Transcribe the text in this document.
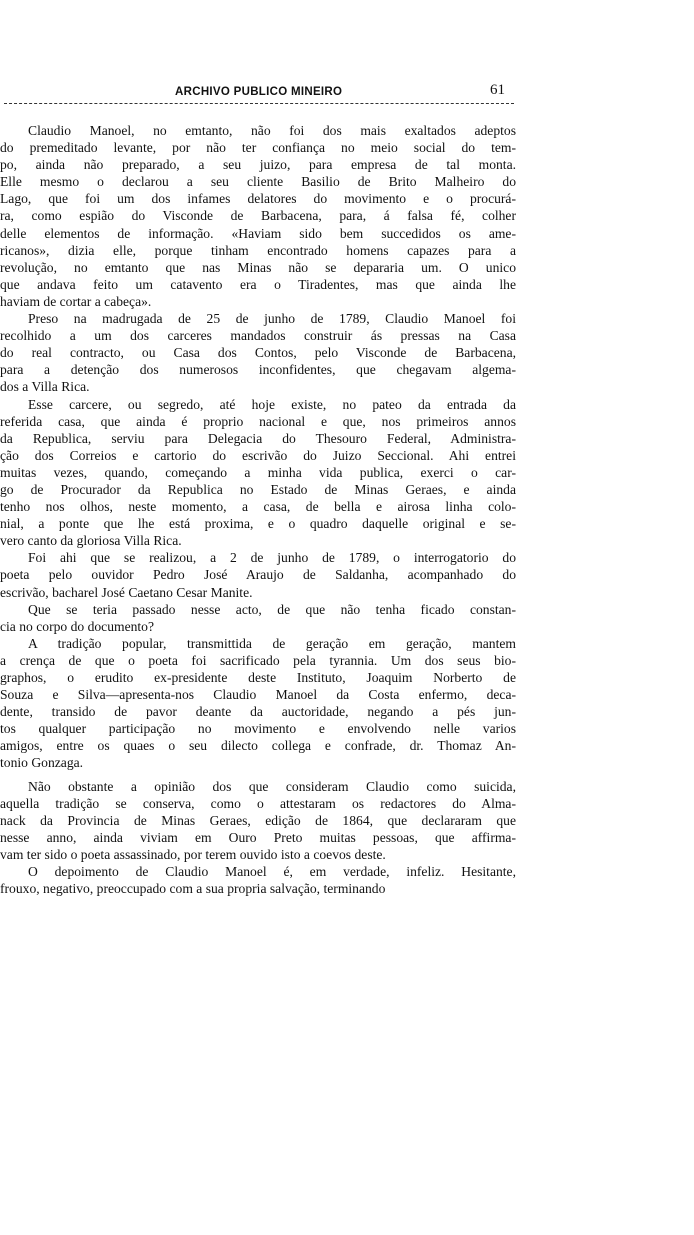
ARCHIVO PUBLICO MINEIRO	61

Claudio Manoel, no emtanto, não foi dos mais exaltados adeptos
do premeditado levante, por não ter confiança no meio social do tem-
po, ainda não preparado, a seu juizo, para empresa de tal monta.
Elle mesmo o declarou a seu cliente Basilio de Brito Malheiro do
Lago, que foi um dos infames delatores do movimento e o procurá-
ra, como espião do Visconde de Barbacena, para, á falsa fé, colher
delle elementos de informação. «Haviam sido bem succedidos os ame-
ricanos», dizia elle, porque tinham encontrado homens capazes para a
revolução, no emtanto que nas Minas não se depararia um. O unico
que andava feito um catavento era o Tiradentes, mas que ainda lhe
haviam de cortar a cabeça».

Preso na madrugada de 25 de junho de 1789, Claudio Manoel foi
recolhido a um dos carceres mandados construir ás pressas na Casa
do real contracto, ou Casa dos Contos, pelo Visconde de Barbacena,
para a detenção dos numerosos inconfidentes, que chegavam algema-
dos a Villa Rica.

Esse carcere, ou segredo, até hoje existe, no pateo da entrada da
referida casa, que ainda é proprio nacional e que, nos primeiros annos
da Republica, serviu para Delegacia do Thesouro Federal, Administra-
ção dos Correios e cartorio do escrivão do Juizo Seccional. Ahi entrei
muitas vezes, quando, começando a minha vida publica, exerci o car-
go de Procurador da Republica no Estado de Minas Geraes, e ainda
tenho nos olhos, neste momento, a casa, de bella e airosa linha colo-
nial, a ponte que lhe está proxima, e o quadro daquelle original e se-
vero canto da gloriosa Villa Rica.

Foi ahi que se realizou, a 2 de junho de 1789, o interrogatorio do
poeta pelo ouvidor Pedro José Araujo de Saldanha, acompanhado do
escrivão, bacharel José Caetano Cesar Manite.

Que se teria passado nesse acto, de que não tenha ficado constan-
cia no corpo do documento?

A tradição popular, transmittida de geração em geração, mantem
a crença de que o poeta foi sacrificado pela tyrannia. Um dos seus bio-
graphos, o erudito ex-presidente deste Instituto, Joaquim Norberto de
Souza e Silva—apresenta-nos Claudio Manoel da Costa enfermo, deca-
dente, transido de pavor deante da auctoridade, negando a pés jun-
tos qualquer participação no movimento e envolvendo nelle varios
amigos, entre os quaes o seu dilecto collega e confrade, dr. Thomaz An-
tonio Gonzaga.

Não obstante a opinião dos que consideram Claudio como suicida,
aquella tradição se conserva, como o attestaram os redactores do Alma-
nack da Provincia de Minas Geraes, edição de 1864, que declararam que
nesse anno, ainda viviam em Ouro Preto muitas pessoas, que affirma-
vam ter sido o poeta assassinado, por terem ouvido isto a coevos deste.

O depoimento de Claudio Manoel é, em verdade, infeliz. Hesitante,
frouxo, negativo, preoccupado com a sua propria salvação, terminando
